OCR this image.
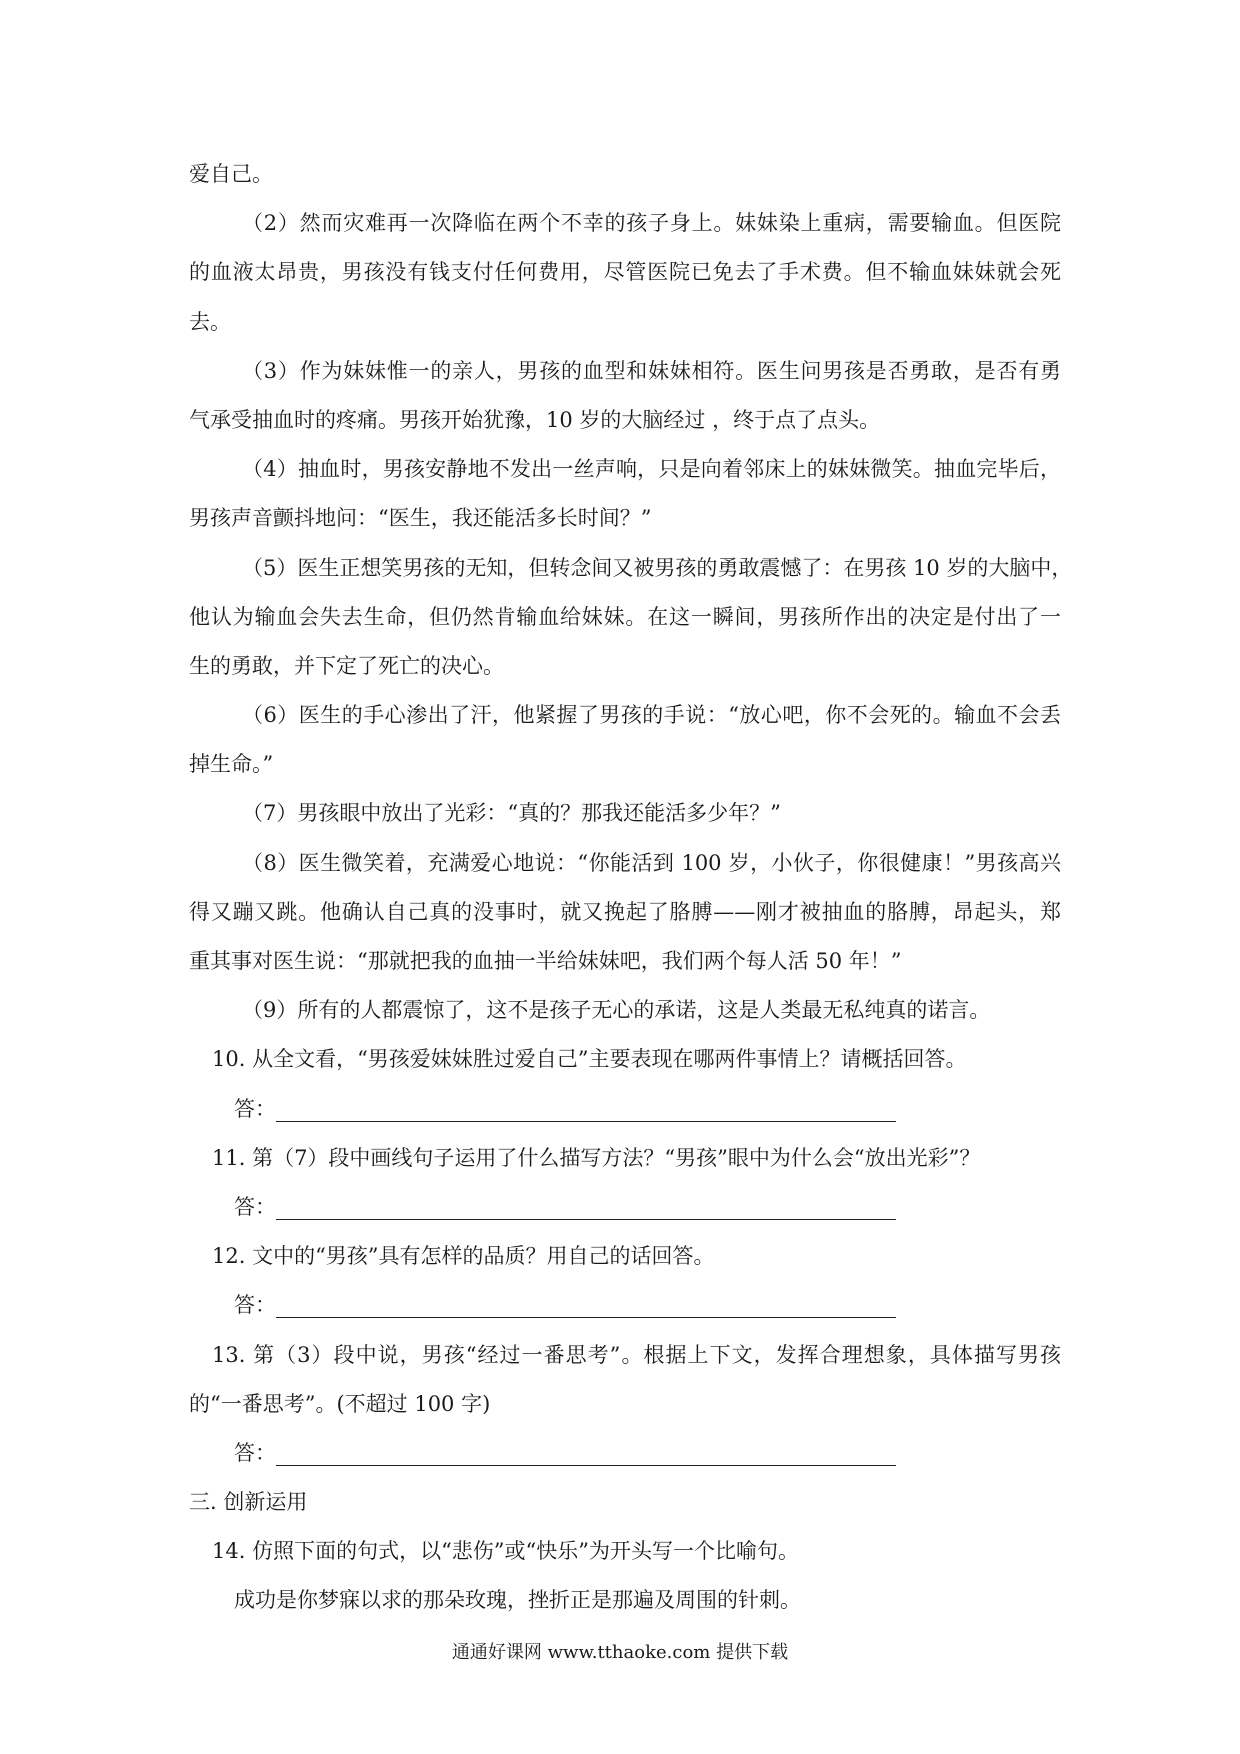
爱自己。
（2）然而灾难再一次降临在两个不幸的孩子身上。妹妹染上重病，需要输血。但医院
的血液太昂贵，男孩没有钱支付任何费用，尽管医院已免去了手术费。但不输血妹妹就会死
去。
（3）作为妹妹惟一的亲人，男孩的血型和妹妹相符。医生问男孩是否勇敢，是否有勇
气承受抽血时的疼痛。男孩开始犹豫，10 岁的大脑经过 ，终于点了点头。
（4）抽血时，男孩安静地不发出一丝声响，只是向着邻床上的妹妹微笑。抽血完毕后，
男孩声音颤抖地问：“医生，我还能活多长时间？”
（5）医生正想笑男孩的无知，但转念间又被男孩的勇敢震憾了：在男孩 10 岁的大脑中，
他认为输血会失去生命，但仍然肯输血给妹妹。在这一瞬间，男孩所作出的决定是付出了一
生的勇敢，并下定了死亡的决心。
（6）医生的手心渗出了汗，他紧握了男孩的手说：“放心吧，你不会死的。输血不会丢
掉生命。”
（7）男孩眼中放出了光彩：“真的？那我还能活多少年？”
（8）医生微笑着，充满爱心地说：“你能活到 100 岁，小伙子，你很健康！”男孩高兴
得又蹦又跳。他确认自己真的没事时，就又挽起了胳膊——刚才被抽血的胳膊，昂起头，郑
重其事对医生说：“那就把我的血抽一半给妹妹吧，我们两个每人活 50 年！”
（9）所有的人都震惊了，这不是孩子无心的承诺，这是人类最无私纯真的诺言。
10. 从全文看，“男孩爱妹妹胜过爱自己”主要表现在哪两件事情上？请概括回答。
答：
11. 第（7）段中画线句子运用了什么描写方法？“男孩”眼中为什么会“放出光彩”？
答：
12. 文中的“男孩”具有怎样的品质？用自己的话回答。
答：
13. 第（3）段中说，男孩“经过一番思考”。根据上下文，发挥合理想象，具体描写男孩
的“一番思考”。(不超过 100 字)
答：
三. 创新运用
14. 仿照下面的句式，以“悲伤”或“快乐”为开头写一个比喻句。
成功是你梦寐以求的那朵玫瑰，挫折正是那遍及周围的针刺。
通通好课网 www.tthaoke.com 提供下载
